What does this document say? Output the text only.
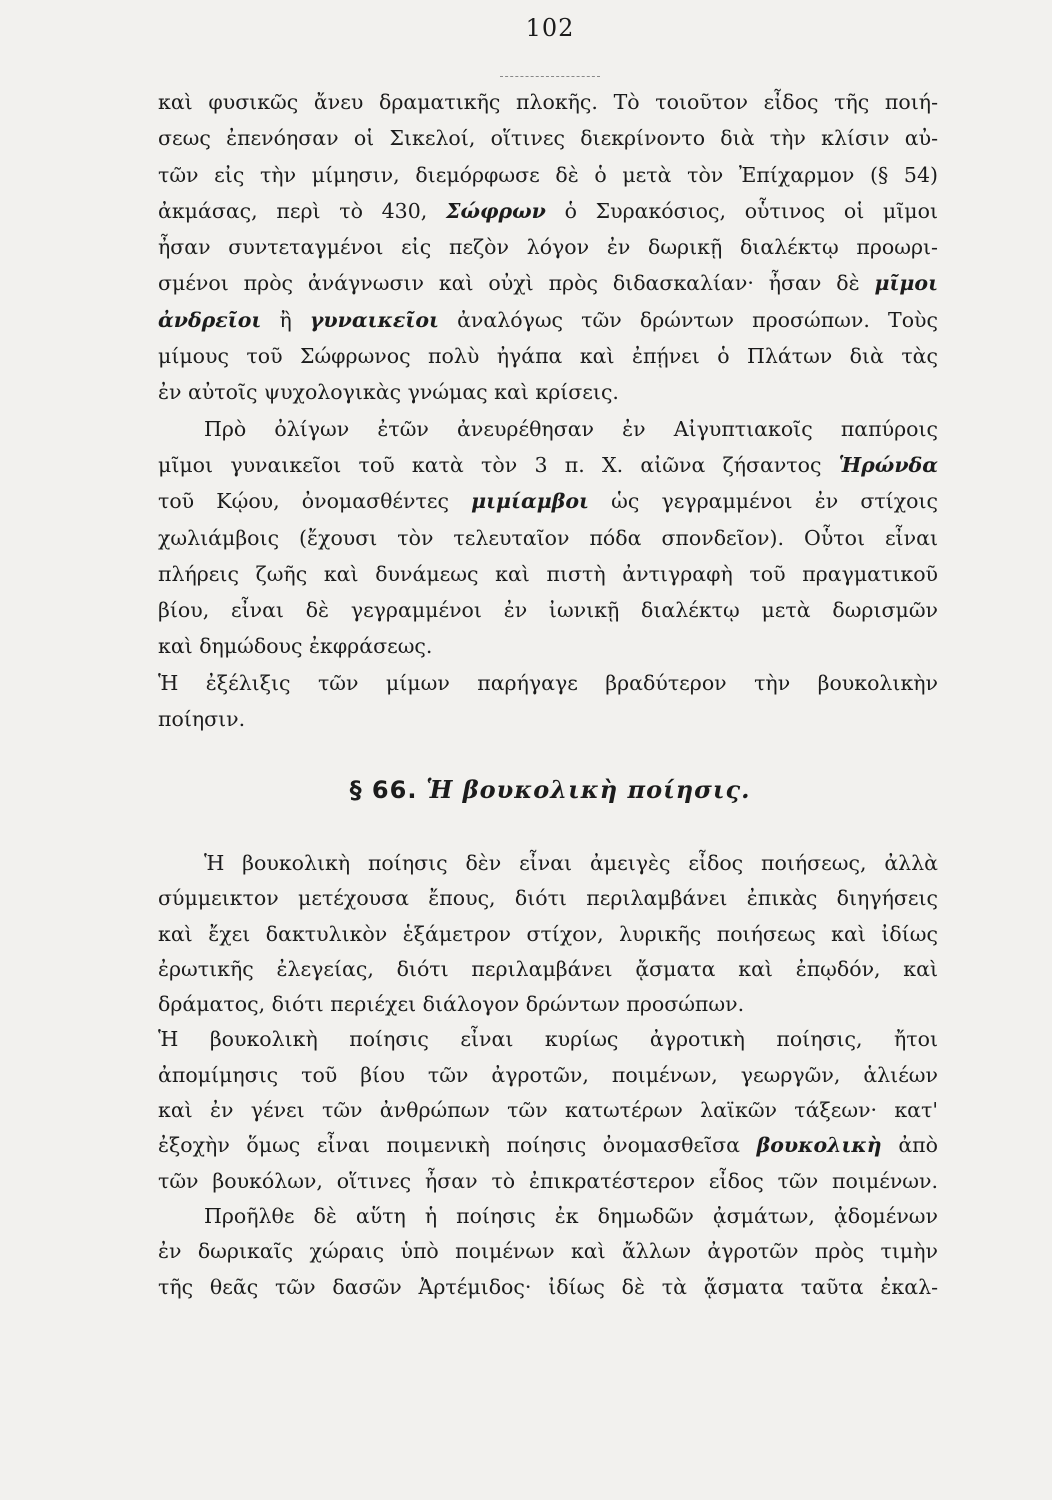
102
καὶ φυσικῶς ἄνευ δραματικῆς πλοκῆς. Τὸ τοιοῦτον εἶδος τῆς ποιή-
σεως ἐπενόησαν οἱ Σικελοί, οἵτινες διεκρίνοντο διὰ τὴν κλίσιν αὐ-
τῶν εἰς τὴν μίμησιν, διεμόρφωσε δὲ ὁ μετὰ τὸν Ἐπίχαρμον (§ 54)
ἀκμάσας, περὶ τὸ 430, Σώφρων ὁ Συρακόσιος, οὗτινος οἱ μῖμοι
ἦσαν συντεταγμένοι εἰς πεζὸν λόγον ἐν δωρικῇ διαλέκτῳ προωρι-
σμένοι πρὸς ἀνάγνωσιν καὶ οὐχὶ πρὸς διδασκαλίαν· ἦσαν δὲ μῖμοι
ἀνδρεῖοι ἢ γυναικεῖοι ἀναλόγως τῶν δρώντων προσώπων. Τοὺς
μίμους τοῦ Σώφρωνος πολὺ ἠγάπα καὶ ἐπῄνει ὁ Πλάτων διὰ τὰς
ἐν αὐτοῖς ψυχολογικὰς γνώμας καὶ κρίσεις.
Πρὸ ὀλίγων ἐτῶν ἀνευρέθησαν ἐν Αἰγυπτιακοῖς παπύροις
μῖμοι γυναικεῖοι τοῦ κατὰ τὸν 3 π. Χ. αἰῶνα ζήσαντος Ἡρώνδα
τοῦ Κῴου, ὀνομασθέντες μιμίαμβοι ὡς γεγραμμένοι ἐν στίχοις
χωλιάμβοις (ἔχουσι τὸν τελευταῖον πόδα σπονδεῖον). Οὗτοι εἶναι
πλήρεις ζωῆς καὶ δυνάμεως καὶ πιστὴ ἀντιγραφὴ τοῦ πραγματικοῦ
βίου, εἶναι δὲ γεγραμμένοι ἐν ἰωνικῇ διαλέκτῳ μετὰ δωρισμῶν
καὶ δημώδους ἐκφράσεως.
Ἡ ἐξέλιξις τῶν μίμων παρήγαγε βραδύτερον τὴν βουκολικὴν
ποίησιν.
§ 66. Ἡ βουκολικὴ ποίησις.
Ἡ βουκολικὴ ποίησις δὲν εἶναι ἀμειγὲς εἶδος ποιήσεως, ἀλλὰ
σύμμεικτον μετέχουσα ἔπους, διότι περιλαμβάνει ἐπικὰς διηγήσεις
καὶ ἔχει δακτυλικὸν ἑξάμετρον στίχον, λυρικῆς ποιήσεως καὶ ἰδίως
ἐρωτικῆς ἐλεγείας, διότι περιλαμβάνει ᾄσματα καὶ ἐπῳδόν, καὶ
δράματος, διότι περιέχει διάλογον δρώντων προσώπων.
Ἡ βουκολικὴ ποίησις εἶναι κυρίως ἀγροτικὴ ποίησις, ἤτοι
ἀπομίμησις τοῦ βίου τῶν ἀγροτῶν, ποιμένων, γεωργῶν, ἁλιέων
καὶ ἐν γένει τῶν ἀνθρώπων τῶν κατωτέρων λαϊκῶν τάξεων· κατ'
ἐξοχὴν ὅμως εἶναι ποιμενικὴ ποίησις ὀνομασθεῖσα βουκολικὴ ἀπὸ
τῶν βουκόλων, οἵτινες ἦσαν τὸ ἐπικρατέστερον εἶδος τῶν ποιμένων.
Προῆλθε δὲ αὕτη ἡ ποίησις ἐκ δημωδῶν ᾀσμάτων, ᾀδομένων
ἐν δωρικαῖς χώραις ὑπὸ ποιμένων καὶ ἄλλων ἀγροτῶν πρὸς τιμὴν
τῆς θεᾶς τῶν δασῶν Ἀρτέμιδος· ἰδίως δὲ τὰ ᾄσματα ταῦτα ἐκαλ-
